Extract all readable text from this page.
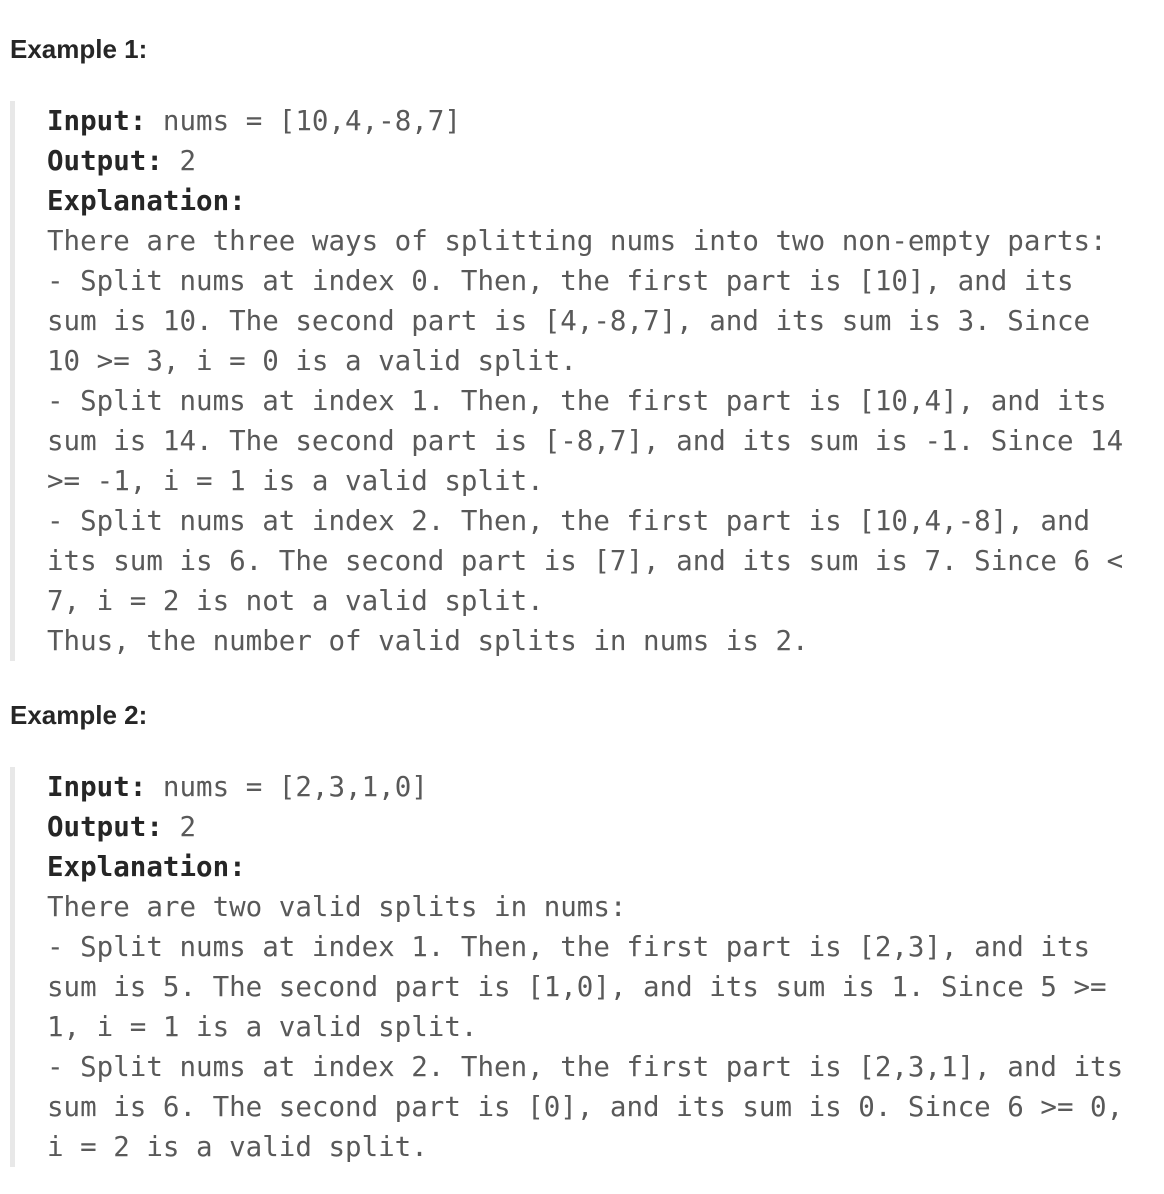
Example 1:
Input: nums = [10,4,-8,7]
Output: 2
Explanation:
There are three ways of splitting nums into two non-empty parts:
- Split nums at index 0. Then, the first part is [10], and its
sum is 10. The second part is [4,-8,7], and its sum is 3. Since
10 >= 3, i = 0 is a valid split.
- Split nums at index 1. Then, the first part is [10,4], and its
sum is 14. The second part is [-8,7], and its sum is -1. Since 14
>= -1, i = 1 is a valid split.
- Split nums at index 2. Then, the first part is [10,4,-8], and
its sum is 6. The second part is [7], and its sum is 7. Since 6 <
7, i = 2 is not a valid split.
Thus, the number of valid splits in nums is 2.
Example 2:
Input: nums = [2,3,1,0]
Output: 2
Explanation:
There are two valid splits in nums:
- Split nums at index 1. Then, the first part is [2,3], and its
sum is 5. The second part is [1,0], and its sum is 1. Since 5 >=
1, i = 1 is a valid split.
- Split nums at index 2. Then, the first part is [2,3,1], and its
sum is 6. The second part is [0], and its sum is 0. Since 6 >= 0,
i = 2 is a valid split.
